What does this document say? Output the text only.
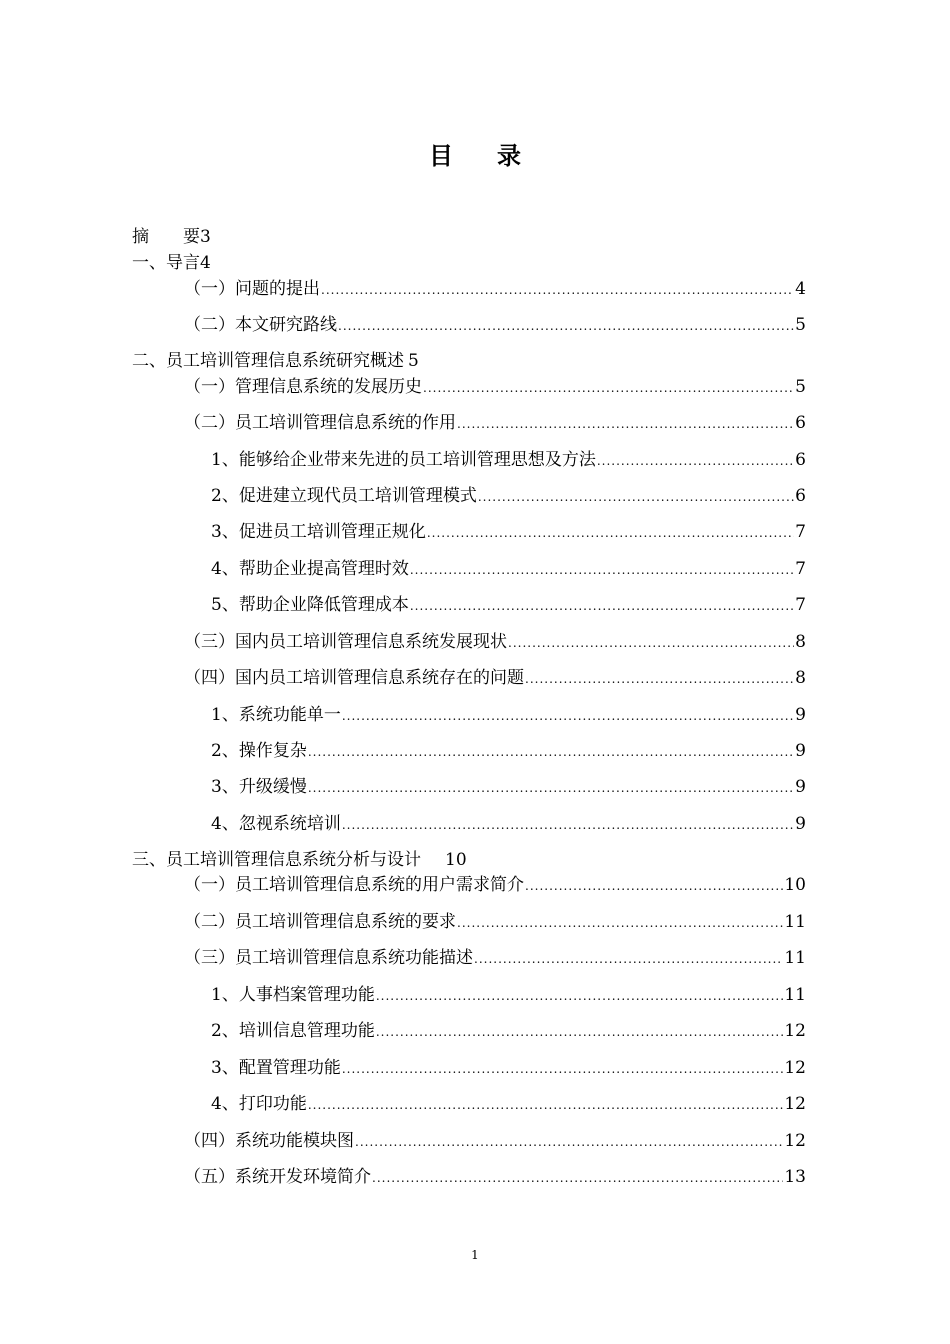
目 录
摘 要3
一、导言4
（一）问题的提出 .....	4
（二）本文研究路线 .....	5
二、员工培训管理信息系统研究概述 5
（一）管理信息系统的发展历史 .....	5
（二）员工培训管理信息系统的作用 .....	6
1、能够给企业带来先进的员工培训管理思想及方法 .....	6
2、促进建立现代员工培训管理模式 .....	6
3、促进员工培训管理正规化 .....	7
4、帮助企业提高管理时效 .....	7
5、帮助企业降低管理成本 .....	7
（三）国内员工培训管理信息系统发展现状 .....	8
（四）国内员工培训管理信息系统存在的问题 .....	8
1、系统功能单一 .....	9
2、操作复杂 .....	9
3、升级缓慢 .....	9
4、忽视系统培训 .....	9
三、员工培训管理信息系统分析与设计 10
（一）员工培训管理信息系统的用户需求简介 .....	10
（二）员工培训管理信息系统的要求 .....	11
（三）员工培训管理信息系统功能描述 .....	11
1、人事档案管理功能 .....	11
2、培训信息管理功能 .....	12
3、配置管理功能 .....	12
4、打印功能 .....	12
（四）系统功能模块图 .....	12
（五）系统开发环境简介 .....	13
1
